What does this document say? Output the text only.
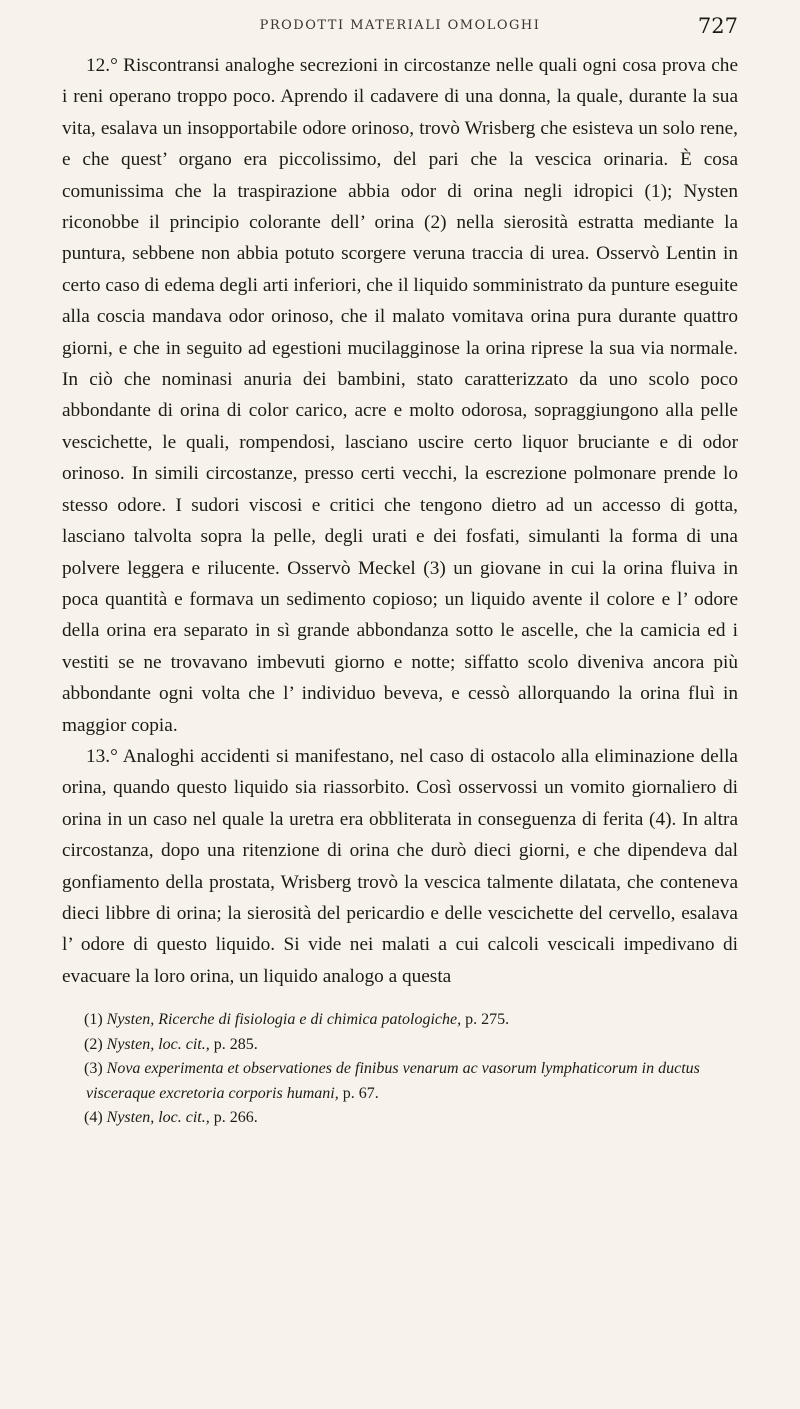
PRODOTTI MATERIALI OMOLOGHI	727

12.° Riscontransi analoghe secrezioni in circostanze nelle quali ogni cosa prova che i reni operano troppo poco. Aprendo il cadavere di una donna, la quale, durante la sua vita, esalava un insopportabile odore orinoso, trovò Wrisberg che esisteva un solo rene, e che quest’ organo era piccolissimo, del pari che la vescica orinaria. È cosa comunissima che la traspirazione abbia odor di orina negli idropici (1); Nysten riconobbe il principio colorante dell’ orina (2) nella sierosità estratta mediante la puntura, sebbene non abbia potuto scorgere veruna traccia di urea. Osservò Lentin in certo caso di edema degli arti inferiori, che il liquido somministrato da punture eseguite alla coscia mandava odor orinoso, che il malato vomitava orina pura durante quattro giorni, e che in seguito ad egestioni mucilagginose la orina riprese la sua via normale. In ciò che nominasi anuria dei bambini, stato caratterizzato da uno scolo poco abbondante di orina di color carico, acre e molto odorosa, sopraggiungono alla pelle vescichette, le quali, rompendosi, lasciano uscire certo liquor bruciante e di odor orinoso. In simili circostanze, presso certi vecchi, la escrezione polmonare prende lo stesso odore. I sudori viscosi e critici che tengono dietro ad un accesso di gotta, lasciano talvolta sopra la pelle, degli urati e dei fosfati, simulanti la forma di una polvere leggera e rilucente. Osservò Meckel (3) un giovane in cui la orina fluiva in poca quantità e formava un sedimento copioso; un liquido avente il colore e l’ odore della orina era separato in sì grande abbondanza sotto le ascelle, che la camicia ed i vestiti se ne trovavano imbevuti giorno e notte; siffatto scolo diveniva ancora più abbondante ogni volta che l’ individuo beveva, e cessò allorquando la orina fluì in maggior copia.

13.° Analoghi accidenti si manifestano, nel caso di ostacolo alla eliminazione della orina, quando questo liquido sia riassorbito. Così osservossi un vomito giornaliero di orina in un caso nel quale la uretra era obbliterata in conseguenza di ferita (4). In altra circostanza, dopo una ritenzione di orina che durò dieci giorni, e che dipendeva dal gonfiamento della prostata, Wrisberg trovò la vescica talmente dilatata, che conteneva dieci libbre di orina; la sierosità del pericardio e delle vescichette del cervello, esalava l’ odore di questo liquido. Si vide nei malati a cui calcoli vescicali impedivano di evacuare la loro orina, un liquido analogo a questa

(1) Nysten, Ricerche di fisiologia e di chimica patologiche, p. 275.

(2) Nysten, loc. cit., p. 285.

(3) Nova experimenta et observationes de finibus venarum ac vasorum lymphaticorum in ductus visceraque excretoria corporis humani, p. 67.

(4) Nysten, loc. cit., p. 266.
